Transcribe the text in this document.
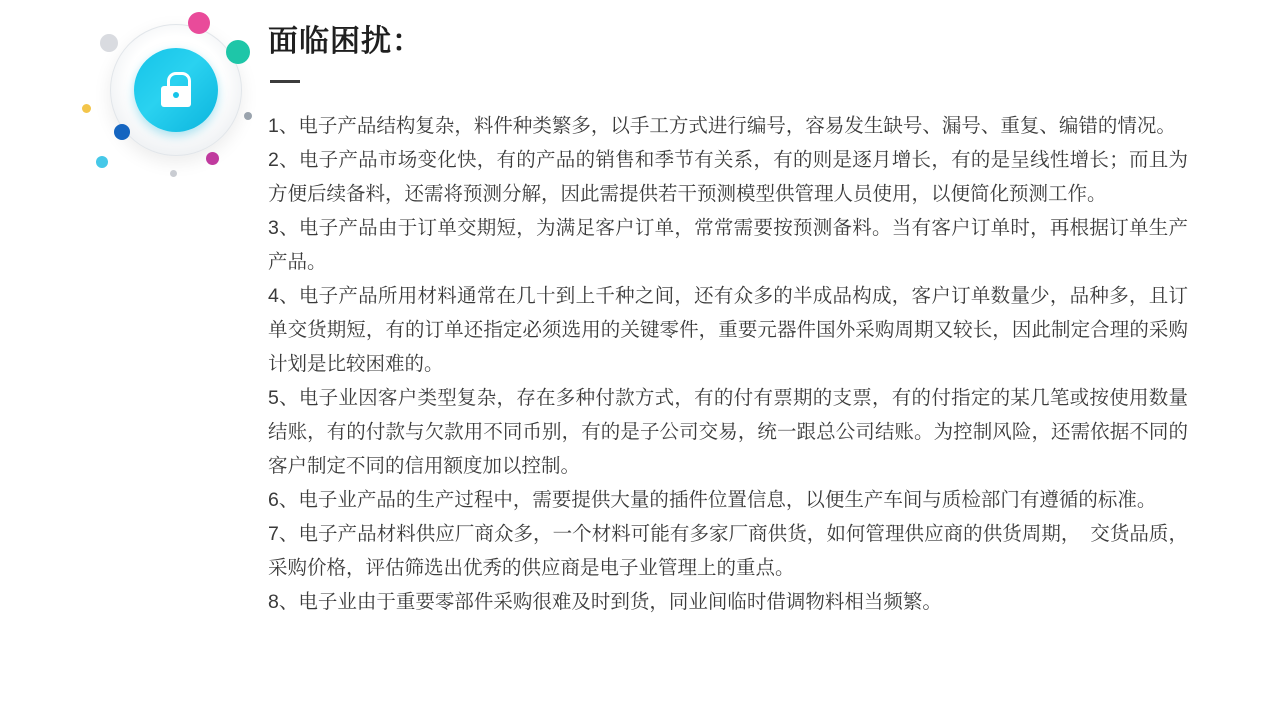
面临困扰：
1、电子产品结构复杂，料件种类繁多，以手工方式进行编号，容易发生缺号、漏号、重复、编错的情况。
2、电子产品市场变化快，有的产品的销售和季节有关系，有的则是逐月增长，有的是呈线性增长；而且为方便后续备料，还需将预测分解，因此需提供若干预测模型供管理人员使用，以便简化预测工作。
3、电子产品由于订单交期短，为满足客户订单，常常需要按预测备料。当有客户订单时，再根据订单生产产品。
4、电子产品所用材料通常在几十到上千种之间，还有众多的半成品构成，客户订单数量少，品种多，且订单交货期短，有的订单还指定必须选用的关键零件，重要元器件国外采购周期又较长，因此制定合理的采购计划是比较困难的。
5、电子业因客户类型复杂，存在多种付款方式，有的付有票期的支票，有的付指定的某几笔或按使用数量结账，有的付款与欠款用不同币别，有的是子公司交易，统一跟总公司结账。为控制风险，还需依据不同的客户制定不同的信用额度加以控制。
6、电子业产品的生产过程中，需要提供大量的插件位置信息，以便生产车间与质检部门有遵循的标准。
7、电子产品材料供应厂商众多，一个材料可能有多家厂商供货，如何管理供应商的供货周期，　交货品质，采购价格，评估筛选出优秀的供应商是电子业管理上的重点。
8、电子业由于重要零部件采购很难及时到货，同业间临时借调物料相当频繁。
